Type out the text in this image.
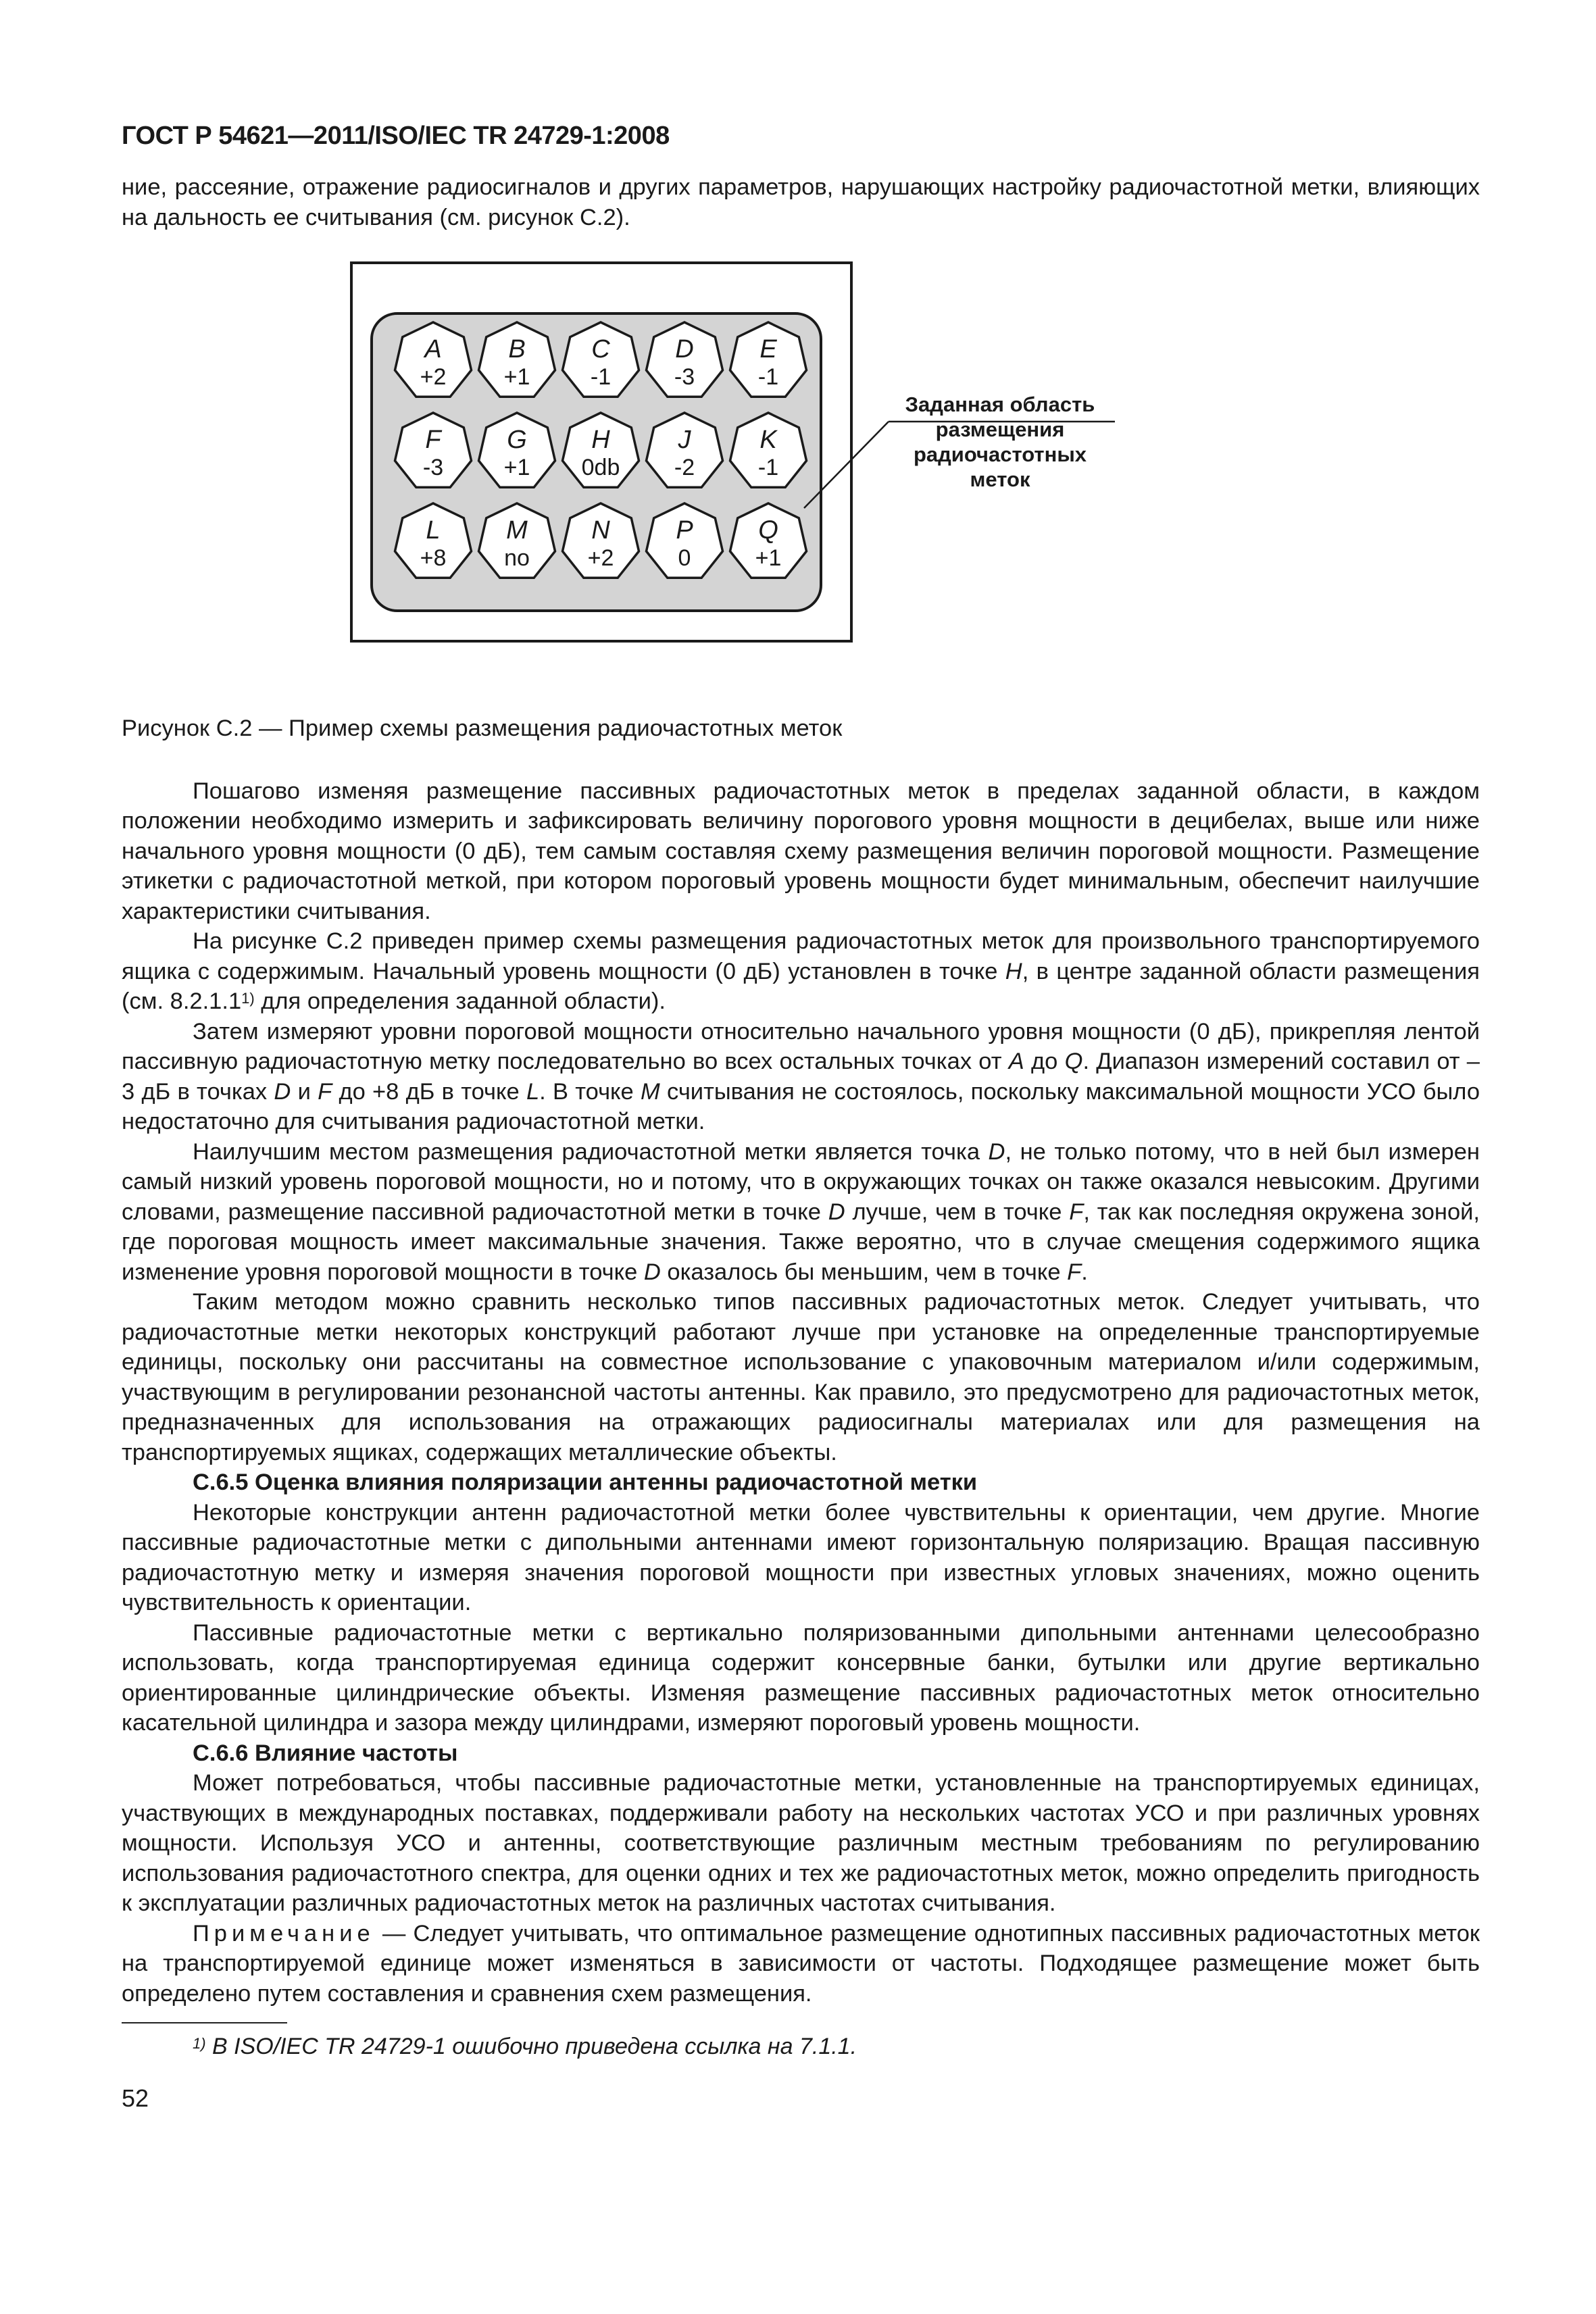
ГОСТ Р 54621—2011/ISO/IEC TR 24729-1:2008

ние, рассеяние, отражение радиосигналов и других параметров, нарушающих настройку радиочастотной метки, влияющих на дальность ее считывания (см. рисунок С.2).

A
+2
B
+1
C
-1
D
-3
E
-1
F
-3
G
+1
H
0db
J
-2
K
-1
L
+8
M
no
N
+2
P
0
Q
+1
Заданная область
размещения
радиочастотных
меток

Рисунок С.2 — Пример схемы размещения радиочастотных меток

Пошагово изменяя размещение пассивных радиочастотных меток в пределах заданной области, в каждом положении необходимо измерить и зафиксировать величину порогового уровня мощности в децибелах, выше или ниже начального уровня мощности (0 дБ), тем самым составляя схему размещения величин пороговой мощности. Размещение этикетки с радиочастотной меткой, при котором пороговый уровень мощности будет минимальным, обеспечит наилучшие характеристики считывания.

На рисунке С.2 приведен пример схемы размещения радиочастотных меток для произвольного транспортируемого ящика с содержимым. Начальный уровень мощности (0 дБ) установлен в точке H, в центре заданной области размещения (см. 8.2.1.1$^{1)}$ для определения заданной области).

Затем измеряют уровни пороговой мощности относительно начального уровня мощности (0 дБ), прикрепляя лентой пассивную радиочастотную метку последовательно во всех остальных точках от A до Q. Диапазон измерений составил от –3 дБ в точках D и F до +8 дБ в точке L. В точке M считывания не состоялось, поскольку максимальной мощности УСО было недостаточно для считывания радиочастотной метки.

Наилучшим местом размещения радиочастотной метки является точка D, не только потому, что в ней был измерен самый низкий уровень пороговой мощности, но и потому, что в окружающих точках он также оказался невысоким. Другими словами, размещение пассивной радиочастотной метки в точке D лучше, чем в точке F, так как последняя окружена зоной, где пороговая мощность имеет максимальные значения. Также вероятно, что в случае смещения содержимого ящика изменение уровня пороговой мощности в точке D оказалось бы меньшим, чем в точке F.

Таким методом можно сравнить несколько типов пассивных радиочастотных меток. Следует учитывать, что радиочастотные метки некоторых конструкций работают лучше при установке на определенные транспортируемые единицы, поскольку они рассчитаны на совместное использование с упаковочным материалом и/или содержимым, участвующим в регулировании резонансной частоты антенны. Как правило, это предусмотрено для радиочастотных меток, предназначенных для использования на отражающих радиосигналы материалах или для размещения на транспортируемых ящиках, содержащих металлические объекты.

С.6.5 Оценка влияния поляризации антенны радиочастотной метки

Некоторые конструкции антенн радиочастотной метки более чувствительны к ориентации, чем другие. Многие пассивные радиочастотные метки с дипольными антеннами имеют горизонтальную поляризацию. Вращая пассивную радиочастотную метку и измеряя значения пороговой мощности при известных угловых значениях, можно оценить чувствительность к ориентации.

Пассивные радиочастотные метки с вертикально поляризованными дипольными антеннами целесообразно использовать, когда транспортируемая единица содержит консервные банки, бутылки или другие вертикально ориентированные цилиндрические объекты. Изменяя размещение пассивных радиочастотных меток относительно касательной цилиндра и зазора между цилиндрами, измеряют пороговый уровень мощности.

С.6.6 Влияние частоты

Может потребоваться, чтобы пассивные радиочастотные метки, установленные на транспортируемых единицах, участвующих в международных поставках, поддерживали работу на нескольких частотах УСО и при различных уровнях мощности. Используя УСО и антенны, соответствующие различным местным требованиям по регулированию использования радиочастотного спектра, для оценки одних и тех же радиочастотных меток, можно определить пригодность к эксплуатации различных радиочастотных меток на различных частотах считывания.

Примечание — Следует учитывать, что оптимальное размещение однотипных пассивных радиочастотных меток на транспортируемой единице может изменяться в зависимости от частоты. Подходящее размещение может быть определено путем составления и сравнения схем размещения.

$^{1)}$ В ISO/IEC TR 24729-1 ошибочно приведена ссылка на 7.1.1.
52
